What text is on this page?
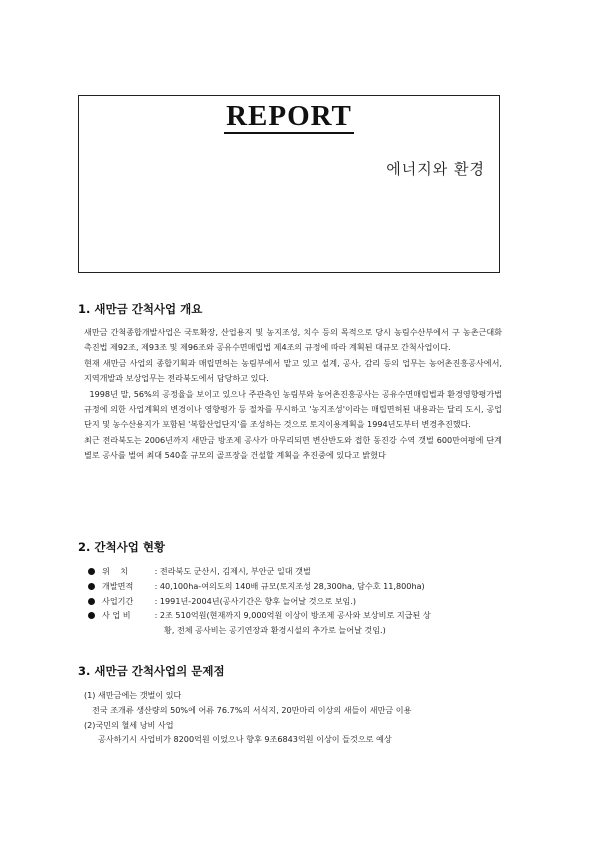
REPORT
에너지와 환경

1. 새만금 간척사업 개요

새만금 간척종합개발사업은 국토확장, 산업용지 및 농지조성, 치수 등의 목적으로 당시 농림수산부에서 구 농촌근대화촉진법 제92조, 제93조 및 제96조와 공유수면매립법 제4조의 규정에 따라 계획된 대규모 간척사업이다.

현재 새만금 사업의 종합기획과 매립면허는 농림부에서 맡고 있고 설계, 공사, 감리 등의 업무는 농어촌진흥공사에서, 지역개발과 보상업무는 전라북도에서 담당하고 있다.

1998년 말, 56%의 공정율을 보이고 있으나 주관측인 농림부와 농어촌진흥공사는 공유수면매립법과 환경영향평가법 규정에 의한 사업계획의 변경이나 영향평가 등 절차를 무시하고 '농지조성'이라는 매립면허된 내용과는 달리 도시, 공업단지 및 농수산용지가 포함된 '복합산업단지'를 조성하는 것으로 토지이용계획을 1994년도부터 변경추진했다.

최근 전라북도는 2006년까지 새만금 방조제 공사가 마무리되면 변산반도와 접한 동진강 수역 갯벌 600만여평에 단계별로 공사를 벌여 최대 540홀 규모의 골프장을 건설할 계획을 추진중에 있다고 밝혔다

2. 간척사업 현황

위    치	: 전라북도 군산시, 김제시, 부안군 일대 갯벌
개발면적 : 40,100ha-여의도의 140배 규모(토지조성 28,300ha, 담수호 11,800ha)
사업기간 : 1991년-2004년(공사기간은 향후 늘어날 것으로 보임.)
사 업 비	: 2조 510억원(현재까지 9,000억원 이상이 방조제 공사와 보상비로 지급된 상
황, 전체 공사비는 공기연장과 환경시설의 추가로 늘어날 것임.)

3. 새만금 간척사업의 문제점

(1) 새만금에는 갯벌이 있다
전국 조개류 생산량의 50%에 어류 76.7%의 서식지, 20만마리 이상의 새들이 새만금 이용
(2)국민의 혈세 낭비 사업
공사하기시 사업비가 8200억원 이었으나 향후 9조6843억원 이상이 들것으로 예상
